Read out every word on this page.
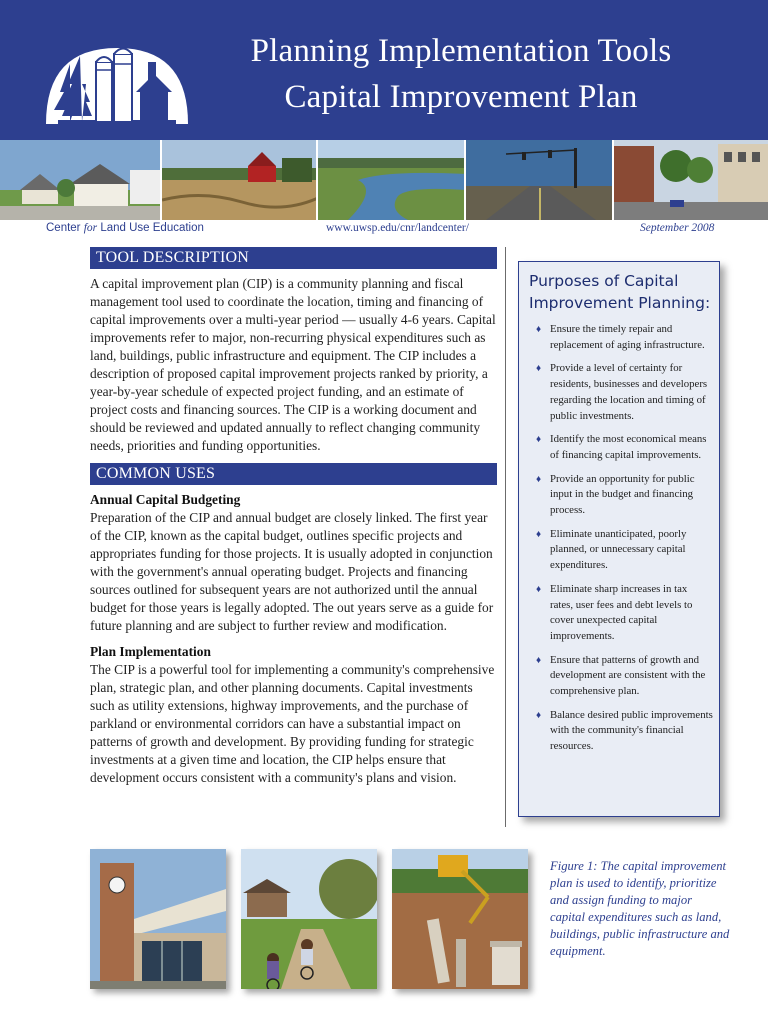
Planning Implementation Tools
Capital Improvement Plan
Center for Land Use Education	www.uwsp.edu/cnr/landcenter/	September 2008
TOOL DESCRIPTION

A capital improvement plan (CIP) is a community planning and fiscal management tool used to coordinate the location, timing and financing of capital improvements over a multi-year period — usually 4-6 years. Capital improvements refer to major, non-recurring physical expenditures such as land, buildings, public infrastructure and equipment. The CIP includes a description of proposed capital improvement projects ranked by priority, a year-by-year schedule of expected project funding, and an estimate of project costs and financing sources. The CIP is a working document and should be reviewed and updated annually to reflect changing community needs, priorities and funding opportunities.

COMMON USES
Annual Capital Budgeting

Preparation of the CIP and annual budget are closely linked. The first year of the CIP, known as the capital budget, outlines specific projects and appropriates funding for those projects. It is usually adopted in conjunction with the government's annual operating budget. Projects and financing sources outlined for subsequent years are not authorized until the annual budget for those years is legally adopted. The out years serve as a guide for future planning and are subject to further review and modification.

Plan Implementation

The CIP is a powerful tool for implementing a community's comprehensive plan, strategic plan, and other planning documents. Capital investments such as utility extensions, highway improvements, and the purchase of parkland or environmental corridors can have a substantial impact on patterns of growth and development. By providing funding for strategic investments at a given time and location, the CIP helps ensure that development occurs consistent with a community's plans and vision.

Purposes of Capital
Improvement Planning:
♦ Ensure the timely repair and replacement of aging infrastructure.
♦ Provide a level of certainty for residents, businesses and developers regarding the location and timing of public investments.
♦ Identify the most economical means of financing capital improvements.
♦ Provide an opportunity for public input in the budget and financing process.
♦ Eliminate unanticipated, poorly planned, or unnecessary capital expenditures.
♦ Eliminate sharp increases in tax rates, user fees and debt levels to cover unexpected capital improvements.
♦ Ensure that patterns of growth and development are consistent with the comprehensive plan.
♦ Balance desired public improvements with the community's financial resources.
Figure 1: The capital improvement plan is used to identify, prioritize and assign funding to major capital expenditures such as land, buildings, public infrastructure and equipment.
